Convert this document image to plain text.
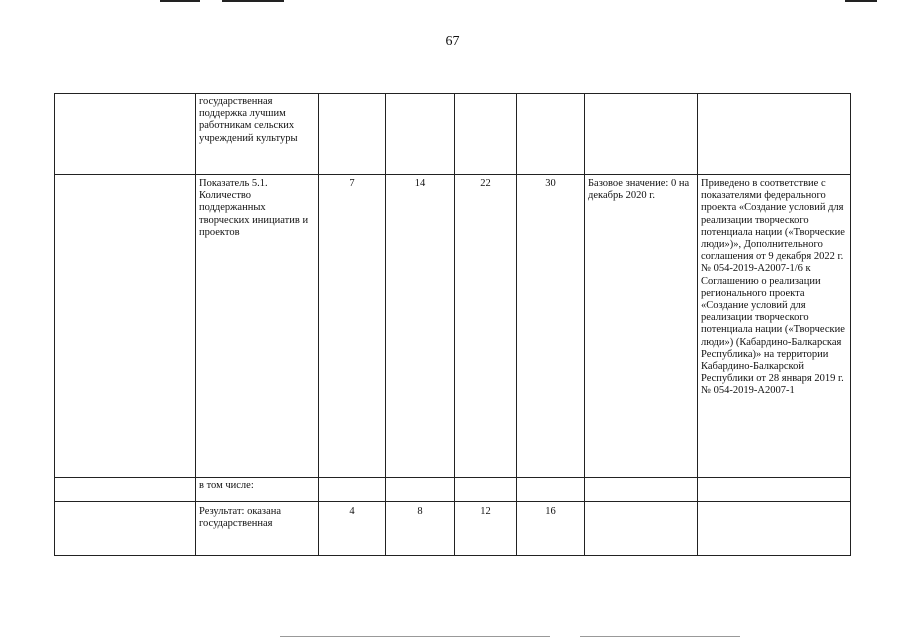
67
	государственная поддержка лучшим работникам сельских учреждений культуры						
	Показатель 5.1. Количество поддержанных творческих инициатив и проектов	7	14	22	30	Базовое значение: 0 на декабрь 2020 г.	Приведено в соответствие с показателями федерального проекта «Создание условий для реализации творческого потенциала нации («Творческие люди»)», Дополнительного соглашения от 9 декабря 2022 г. № 054-2019-А2007-1/6 к Соглашению о реализации регионального проекта «Создание условий для реализации творческого потенциала нации («Творческие люди») (Кабардино-Балкарская Республика)» на территории Кабардино-Балкарской Республики от 28 января 2019 г. № 054-2019-А2007-1
	в том числе:						
	Результат: оказана государственная	4	8	12	16		
